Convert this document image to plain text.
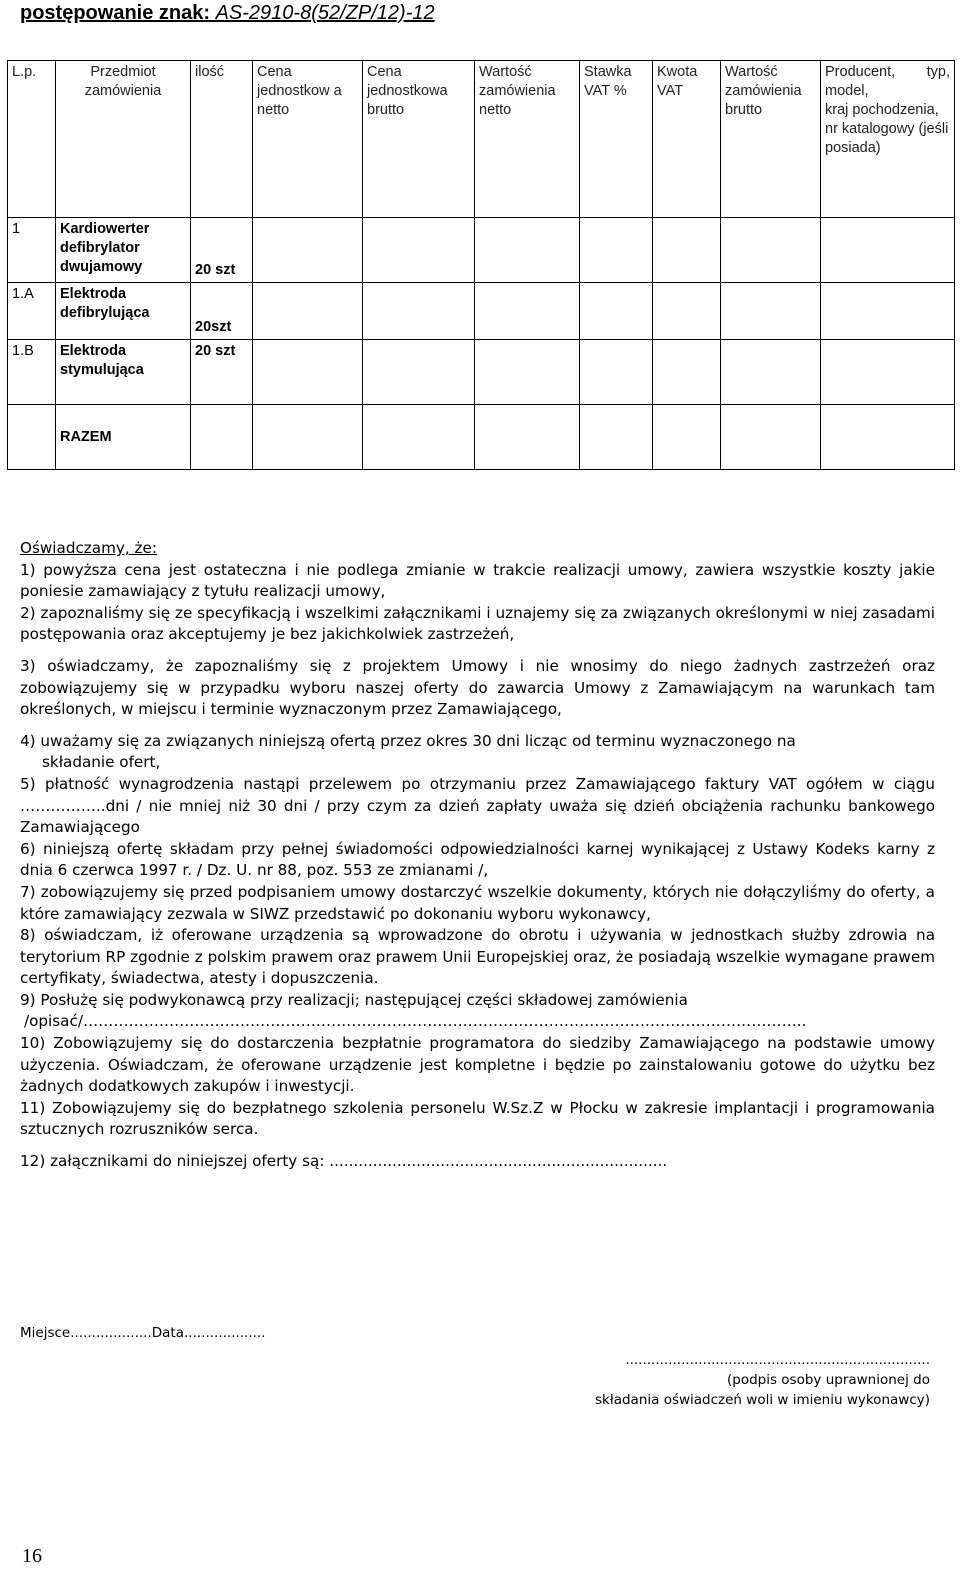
postępowanie znak: AS-2910-8(52/ZP/12)-12
L.p.	Przedmiot zamówienia	ilość	Cena jednostkow a netto	Cena jednostkowa brutto	Wartość zamówienia netto	Stawka VAT %	Kwota VAT	Wartość zamówienia brutto	Producent, typ, model,
kraj pochodzenia, nr katalogowy (jeśli posiada)

1	Kardiowerter defibrylator dwujamowy	20 szt							
1.A	Elektroda defibrylująca	20szt							
1.B	Elektroda stymulująca	20 szt							
	RAZEM								

Oświadczamy, że:

1) powyższa cena jest ostateczna i nie podlega zmianie w trakcie realizacji umowy, zawiera wszystkie koszty jakie poniesie zamawiający z tytułu realizacji umowy,

2) zapoznaliśmy się ze specyfikacją i wszelkimi załącznikami i uznajemy się za związanych określonymi w niej zasadami postępowania oraz akceptujemy je bez jakichkolwiek zastrzeżeń,

3) oświadczamy, że zapoznaliśmy się z projektem Umowy i nie wnosimy do niego żadnych zastrzeżeń oraz zobowiązujemy się w przypadku wyboru naszej oferty do zawarcia Umowy z Zamawiającym na warunkach tam określonych, w miejscu i terminie wyznaczonym przez Zamawiającego,

4) uważamy się za związanych niniejszą ofertą przez okres 30 dni licząc od terminu wyznaczonego na

składanie ofert,

5) płatność wynagrodzenia nastąpi przelewem po otrzymaniu przez Zamawiającego faktury VAT ogółem w ciągu ……………..dni / nie mniej niż 30 dni / przy czym za dzień zapłaty uważa się dzień obciążenia rachunku bankowego Zamawiającego

6) niniejszą ofertę składam przy pełnej świadomości odpowiedzialności karnej wynikającej z Ustawy Kodeks karny z dnia 6 czerwca 1997 r. / Dz. U. nr 88, poz. 553 ze zmianami /,

7) zobowiązujemy się przed podpisaniem umowy dostarczyć wszelkie dokumenty, których nie dołączyliśmy do oferty, a które zamawiający zezwala w SIWZ przedstawić po dokonaniu wyboru wykonawcy,

8) oświadczam, iż oferowane urządzenia są wprowadzone do obrotu i używania w jednostkach służby zdrowia na terytorium RP zgodnie z polskim prawem oraz prawem Unii Europejskiej oraz, że posiadają wszelkie wymagane prawem certyfikaty, świadectwa, atesty i dopuszczenia.

9) Posłużę się podwykonawcą przy realizacji; następującej części składowej zamówienia

/opisać/……………………………………………………………………………………………………………………………..

10) Zobowiązujemy się do dostarczenia bezpłatnie programatora do siedziby Zamawiającego na podstawie umowy użyczenia. Oświadczam, że oferowane urządzenie jest kompletne i będzie po zainstalowaniu gotowe do użytku bez żadnych dodatkowych zakupów i inwestycji.

11) Zobowiązujemy się do bezpłatnego szkolenia personelu W.Sz.Z w Płocku w zakresie implantacji i programowania sztucznych rozruszników serca.

12) załącznikami do niniejszej oferty są: ......................................................................

Miejsce...................Data...................
.......................................................................
(podpis osoby uprawnionej do
składania oświadczeń woli w imieniu wykonawcy)
16
